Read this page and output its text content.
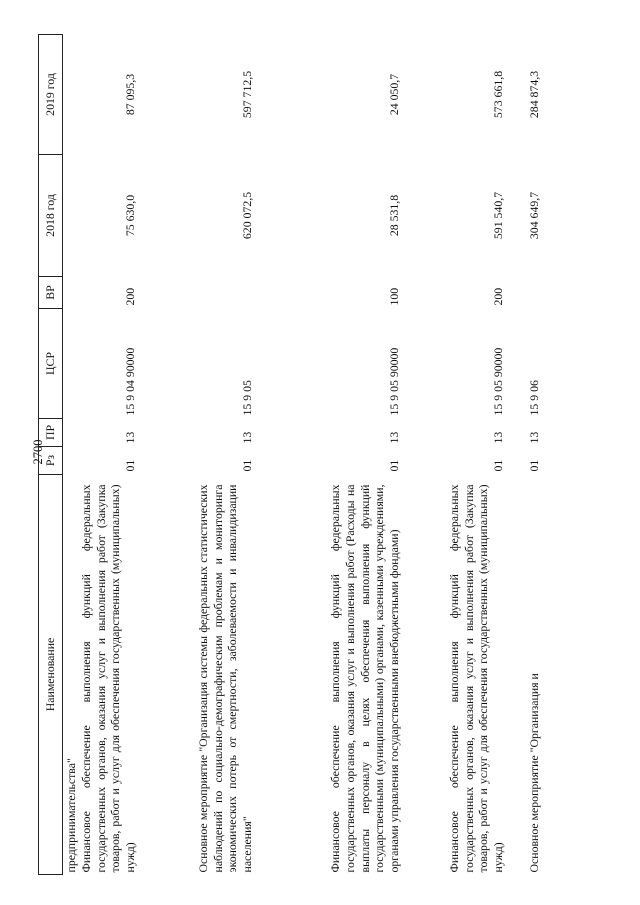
2700
Наименование	Рз	ПР	ЦСР	ВР	2018 год	2019 год
предпринимательства"						
Финансовое обеспечение выполнения функций федеральных государственных органов, оказания услуг и выполнения работ (Закупка товаров, работ и услуг для обеспечения государственных (муниципальных) нужд)	01	13	15 9 04 90000	200	75 630,0	87 095,3
Основное мероприятие "Организация системы федеральных статистических наблюдений по социально-демографическим проблемам и мониторинга экономических потерь от смертности, заболеваемости и инвалидизации населения"	01	13	15 9 05		620 072,5	597 712,5
Финансовое обеспечение выполнения функций федеральных государственных органов, оказания услуг и выполнения работ (Расходы на выплаты персоналу в целях обеспечения выполнения функций государственными (муниципальными) органами, казенными учреждениями, органами управления государственными внебюджетными фондами)	01	13	15 9 05 90000	100	28 531,8	24 050,7
Финансовое обеспечение выполнения функций федеральных государственных органов, оказания услуг и выполнения работ (Закупка товаров, работ и услуг для обеспечения государственных (муниципальных) нужд)	01	13	15 9 05 90000	200	591 540,7	573 661,8
Основное мероприятие "Организация и	01	13	15 9 06		304 649,7	284 874,3
